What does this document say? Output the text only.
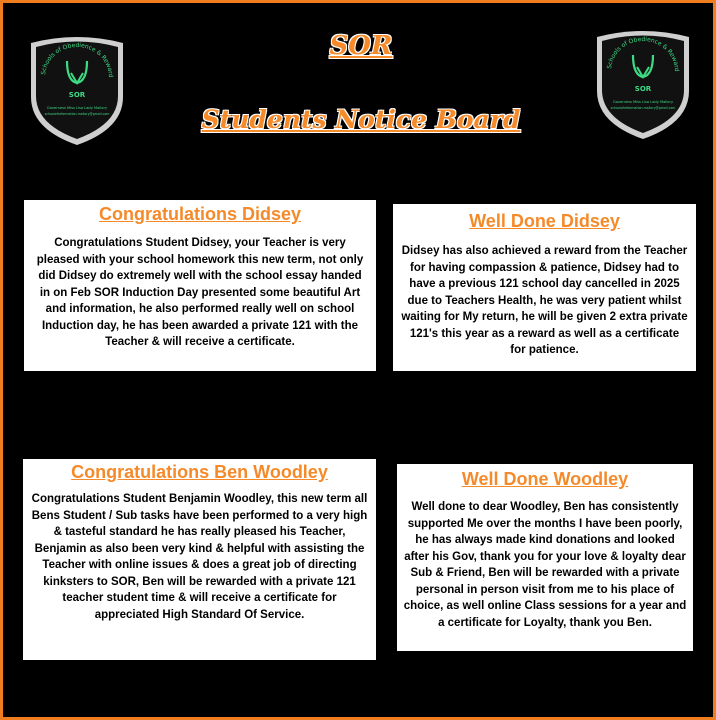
SOR
Students Notice Board
Schools of Obedience & Reward
SOR
Governess Miss Lisa Lady Mallory
schoolofreformation.mallory@gmail.com
Schools of Obedience & Reward
SOR
Governess Miss Lisa Lady Mallory
schoolofreformation.mallory@gmail.com
Congratulations Didsey

Congratulations Student Didsey, your Teacher is very pleased with your school homework this new term, not only did Didsey do extremely well with the school essay handed in on Feb SOR Induction Day presented some beautiful Art and information, he also performed really well on school Induction day, he has been awarded a private 121 with the Teacher & will receive a certificate.

Well Done Didsey

Didsey has also achieved a reward from the Teacher for having compassion & patience, Didsey had to have a previous 121 school day cancelled in 2025 due to Teachers Health, he was very patient whilst waiting for My return, he will be given 2 extra private 121's this year as a reward as well as a certificate for patience.

Congratulations Ben Woodley

Congratulations Student Benjamin Woodley, this new term all Bens Student / Sub tasks have been performed to a very high & tasteful standard he has really pleased his Teacher, Benjamin as also been very kind & helpful with assisting the Teacher with online issues & does a great job of directing kinksters to SOR, Ben will be rewarded with a private 121 teacher student time & will receive a certificate for appreciated High Standard Of Service.

Well Done Woodley

Well done to dear Woodley, Ben has consistently supported Me over the months I have been poorly, he has always made kind donations and looked after his Gov, thank you for your love & loyalty dear Sub & Friend, Ben will be rewarded with a private personal in person visit from me to his place of choice, as well online Class sessions for a year and a certificate for Loyalty, thank you Ben.
